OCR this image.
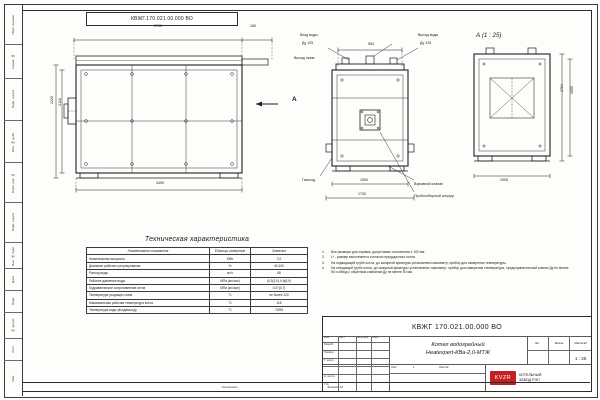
Перв. примен.
Справ. №
Подп. и дата
Инв. № дубл.
Взам. инв. №
Подп. и дата
Инв. № подл.
Дата
Подп.
№ докум.
Лист
Изм.
КВЖГ.170.021.00.000 ВО
3750	180
2220 2110
3490
А
Вход воды
Ду 125
Выход воды
Ду 125
Выход газов
954
1590
1730
Газоход
Взрывной клапан
Пробоотборный штуцер
А (1 : 25)
1704 1655
1905
Техническая характеристика
Наименование показателя	Единицы измерения	Значение
Номинальная мощность	МВт	2,0
Диапазон рабочего регулирования	%	40-100
Расход воды	м³/ч	68
Рабочее давление воды	МПа (кгс/см²)	(0,3(3,0)-0,6(6,0)
Гидравлическое сопротивление котла	МПа (кгс/см²)	0,07(0,7)
Температура уходящих газов	°С	не более 220
Максимальная рабочая температура котла	°С	115
Температура воды (вход/выход)	°С	70/95
1.	Все размеры для справок, допустимые отклонения ± 100 мм.

2.	L* - размер выполняется согласно предсдачного котла.

3.	На подводящей трубе котла, до запорной арматуры установлены манометр, прибор для измерения температуры.

4.	На отводящей трубе котла, до запорной арматуры установлены: манометр, прибор для измерения температуры, предохранительный клапан Ду не менее 50 и обвод с обратным клапаном Ду не менее 50 мм.

КВЖГ 170.021.00.000 ВО
Котел водогрейный
Heatexpert-КВа-2,0-МТЖ
Изм.	Лист	№ докум. Подп.
Разраб.
Провер.
Т. контр.
Н. контр.
Утв.
Лит.	Масса	Масштаб
1 : 25
Лист	1	Листов
KVZR КОТЕЛЬНЫЙ
ЗАВОД РЭП
Копировал	Формат А3
